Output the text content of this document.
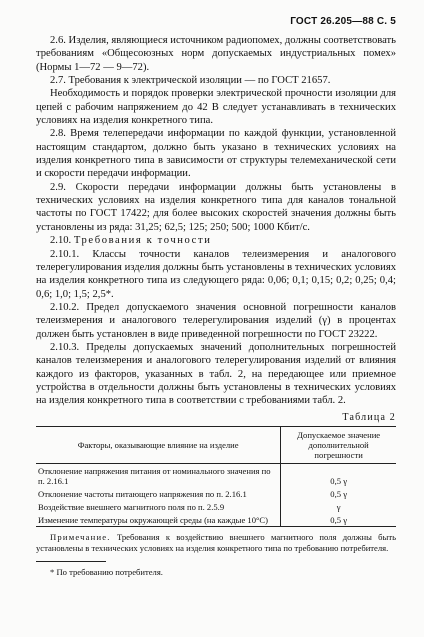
ГОСТ 26.205—88 С. 5

2.6. Изделия, являющиеся источником радиопомех, должны соответствовать требованиям «Общесоюзных норм допускаемых индустриальных помех» (Нормы 1—72 — 9—72).

2.7. Требования к электрической изоляции — по ГОСТ 21657.

Необходимость и порядок проверки электрической прочности изоляции для цепей с рабочим напряжением до 42 В следует устанавливать в технических условиях на изделия конкретного типа.

2.8. Время телепередачи информации по каждой функции, установленной настоящим стандартом, должно быть указано в технических условиях на изделия конкретного типа в зависимости от структуры телемеханической сети и скорости передачи информации.

2.9. Скорости передачи информации должны быть установлены в технических условиях на изделия конкретного типа для каналов тональной частоты по ГОСТ 17422; для более высоких скоростей значения должны быть установлены из ряда: 31,25; 62,5; 125; 250; 500; 1000 Кбит/с.

2.10. Требования к точности

2.10.1. Классы точности каналов телеизмерения и аналогового телерегулирования изделия должны быть установлены в технических условиях на изделия конкретного типа из следующего ряда: 0,06; 0,1; 0,15; 0,2; 0,25; 0,4; 0,6; 1,0; 1,5; 2,5*.

2.10.2. Предел допускаемого значения основной погрешности каналов телеизмерения и аналогового телерегулирования изделий (γ) в процентах должен быть установлен в виде приведенной погрешности по ГОСТ 23222.

2.10.3. Пределы допускаемых значений дополнительных погрешностей каналов телеизмерения и аналогового телерегулирования изделий от влияния каждого из факторов, указанных в табл. 2, на передающее или приемное устройства в отдельности должны быть установлены в технических условиях на изделия конкретного типа в соответствии с требованиями табл. 2.

Таблица 2
Факторы, оказывающие влияние на изделие	Допускаемое значение дополнительной погрешности
Отклонение напряжения питания от номинального значения по п. 2.16.1	0,5 γ
Отклонение частоты питающего напряжения по п. 2.16.1	0,5 γ
Воздействие внешнего магнитного поля по п. 2.5.9	γ
Изменение температуры окружающей среды (на каждые 10°С)	0,5 γ

Примечание. Требования к воздействию внешнего магнитного поля должны быть установлены в технических условиях на изделия конкретного типа по требованию потребителя.

* По требованию потребителя.
